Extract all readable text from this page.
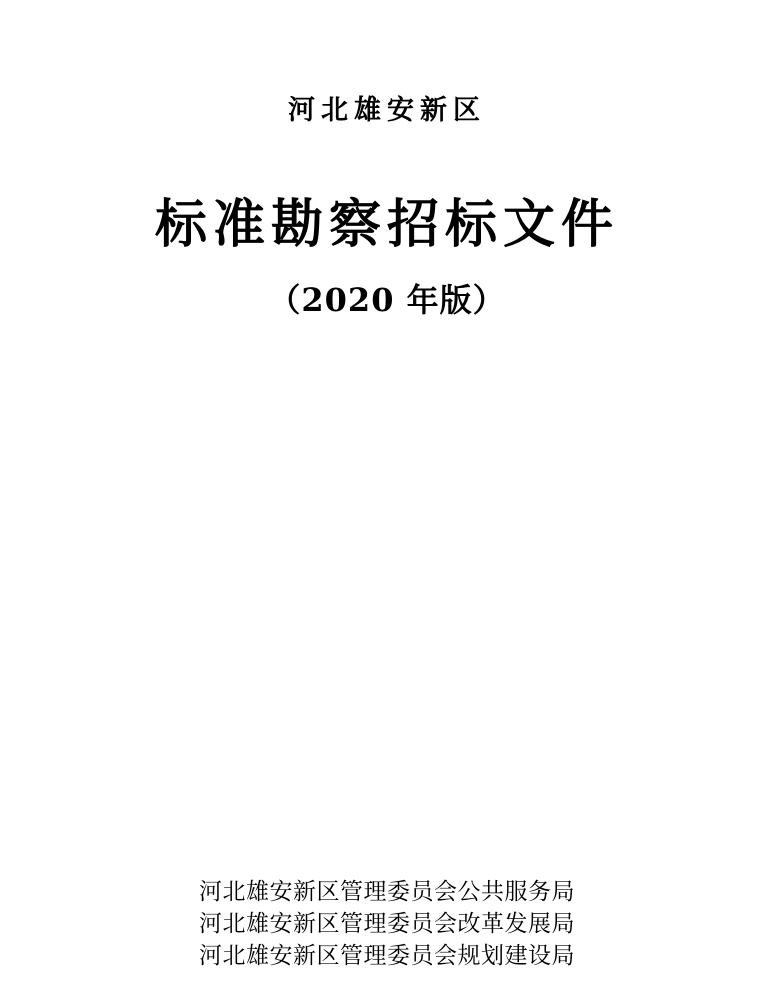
河北雄安新区
标准勘察招标文件
（2020 年版）
河北雄安新区管理委员会公共服务局
河北雄安新区管理委员会改革发展局
河北雄安新区管理委员会规划建设局
